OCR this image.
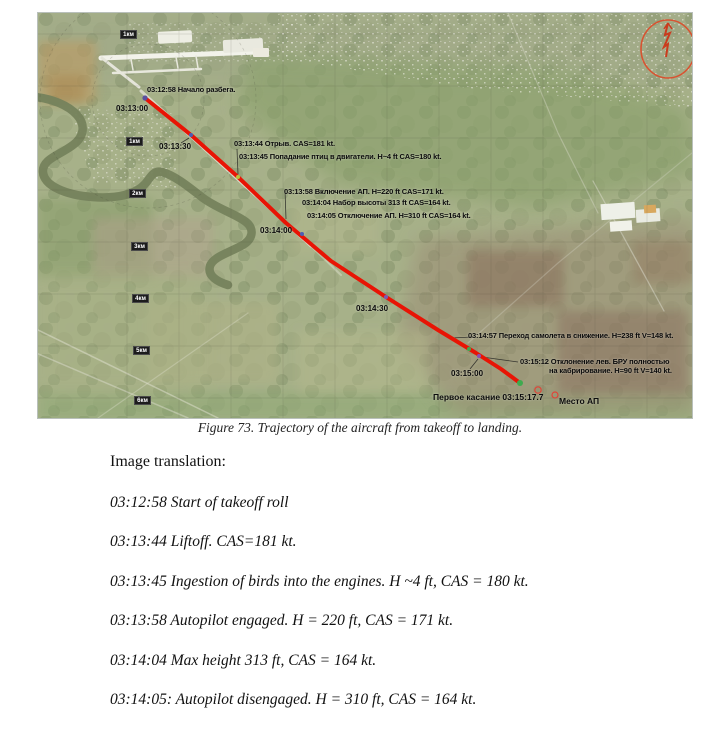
03:12:58 Начало разбега.
03:13:00
03:13:30	03:13:44 Отрыв. CAS=181 kt.
03:13:45 Попадание птиц в двигатели. H~4 ft CAS=180 kt.
03:13:58 Включение АП. H=220 ft CAS=171 kt.
03:14:04 Набор высоты 313 ft CAS=164 kt.
03:14:05 Отключение АП. H=310 ft CAS=164 kt.
03:14:00
03:14:30
03:14:57 Переход самолета в снижение. H=238 ft V=148 kt.
03:15:12 Отклонение лев. БРУ полностью
на кабрирование. H=90 ft V=140 kt.
03:15:00
Первое касание 03:15:17.7 Место АП
1км
1км
2км
3км
4км
5км
6км
Figure 73. Trajectory of the aircraft from takeoff to landing.

Image translation:

03:12:58 Start of takeoff roll

03:13:44 Liftoff. CAS=181 kt.

03:13:45 Ingestion of birds into the engines. H ~4 ft, CAS = 180 kt.

03:13:58 Autopilot engaged. H = 220 ft, CAS = 171 kt.

03:14:04 Max height 313 ft, CAS = 164 kt.

03:14:05: Autopilot disengaged. H = 310 ft, CAS = 164 kt.
